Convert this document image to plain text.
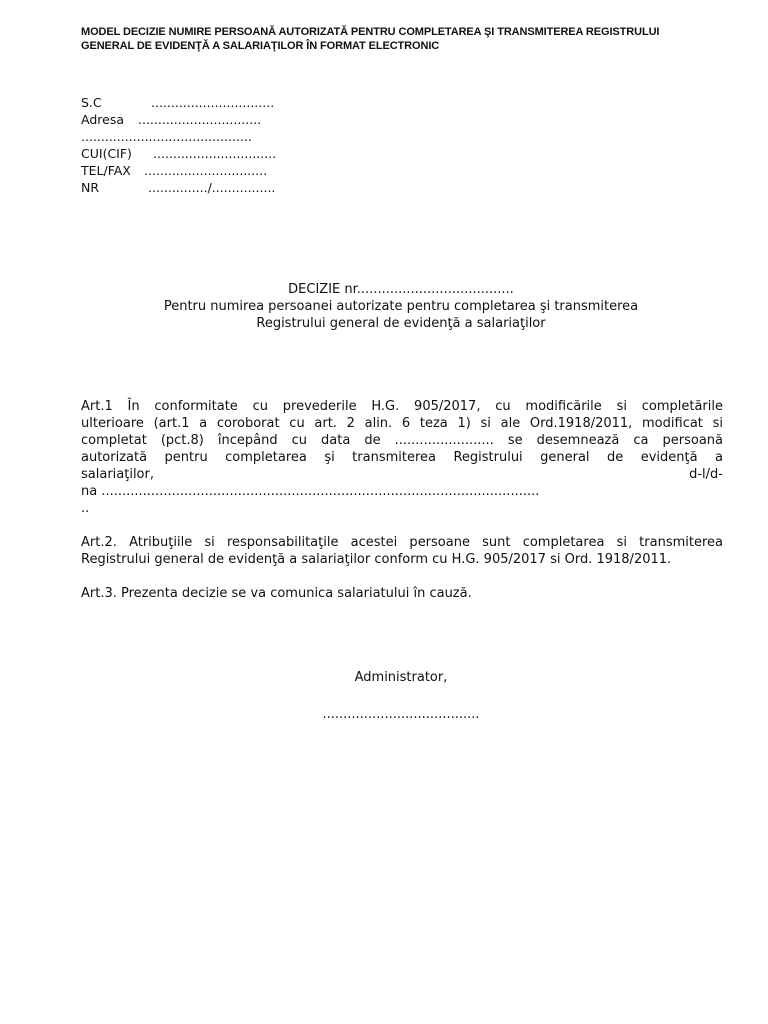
MODEL DECIZIE NUMIRE PERSOANĂ AUTORIZATĂ PENTRU COMPLETAREA ŞI TRANSMITEREA REGISTRULUI
GENERAL DE EVIDENŢĂ A SALARIAŢILOR ÎN FORMAT ELECTRONIC
S.C	...............................
Adresa ...............................
...........................................
CUI(CIF) ...............................
TEL/FAX ...............................
NR	.............../................
DECIZIE nr......................................
Pentru numirea persoanei autorizate pentru completarea şi transmiterea
Registrului general de evidenţă a salariaţilor
Art.1 În conformitate cu prevederile H.G. 905/2017, cu modificările si completările
ulterioare (art.1 a coroborat cu art. 2 alin. 6 teza 1) si ale Ord.1918/2011, modificat si
completat (pct.8) începând cu data de ........................ se desemnează ca persoană
autorizată pentru completarea şi transmiterea Registrului general de evidenţă a
salariaţilor,	d-l/d-
na ..........................................................................................................
..
Art.2. Atribuţiile si responsabilitaţile acestei persoane sunt completarea si transmiterea
Registrului general de evidenţă a salariaţilor conform cu H.G. 905/2017 si Ord. 1918/2011.
Art.3. Prezenta decizie se va comunica salariatului în cauză.
Administrator,
......................................
